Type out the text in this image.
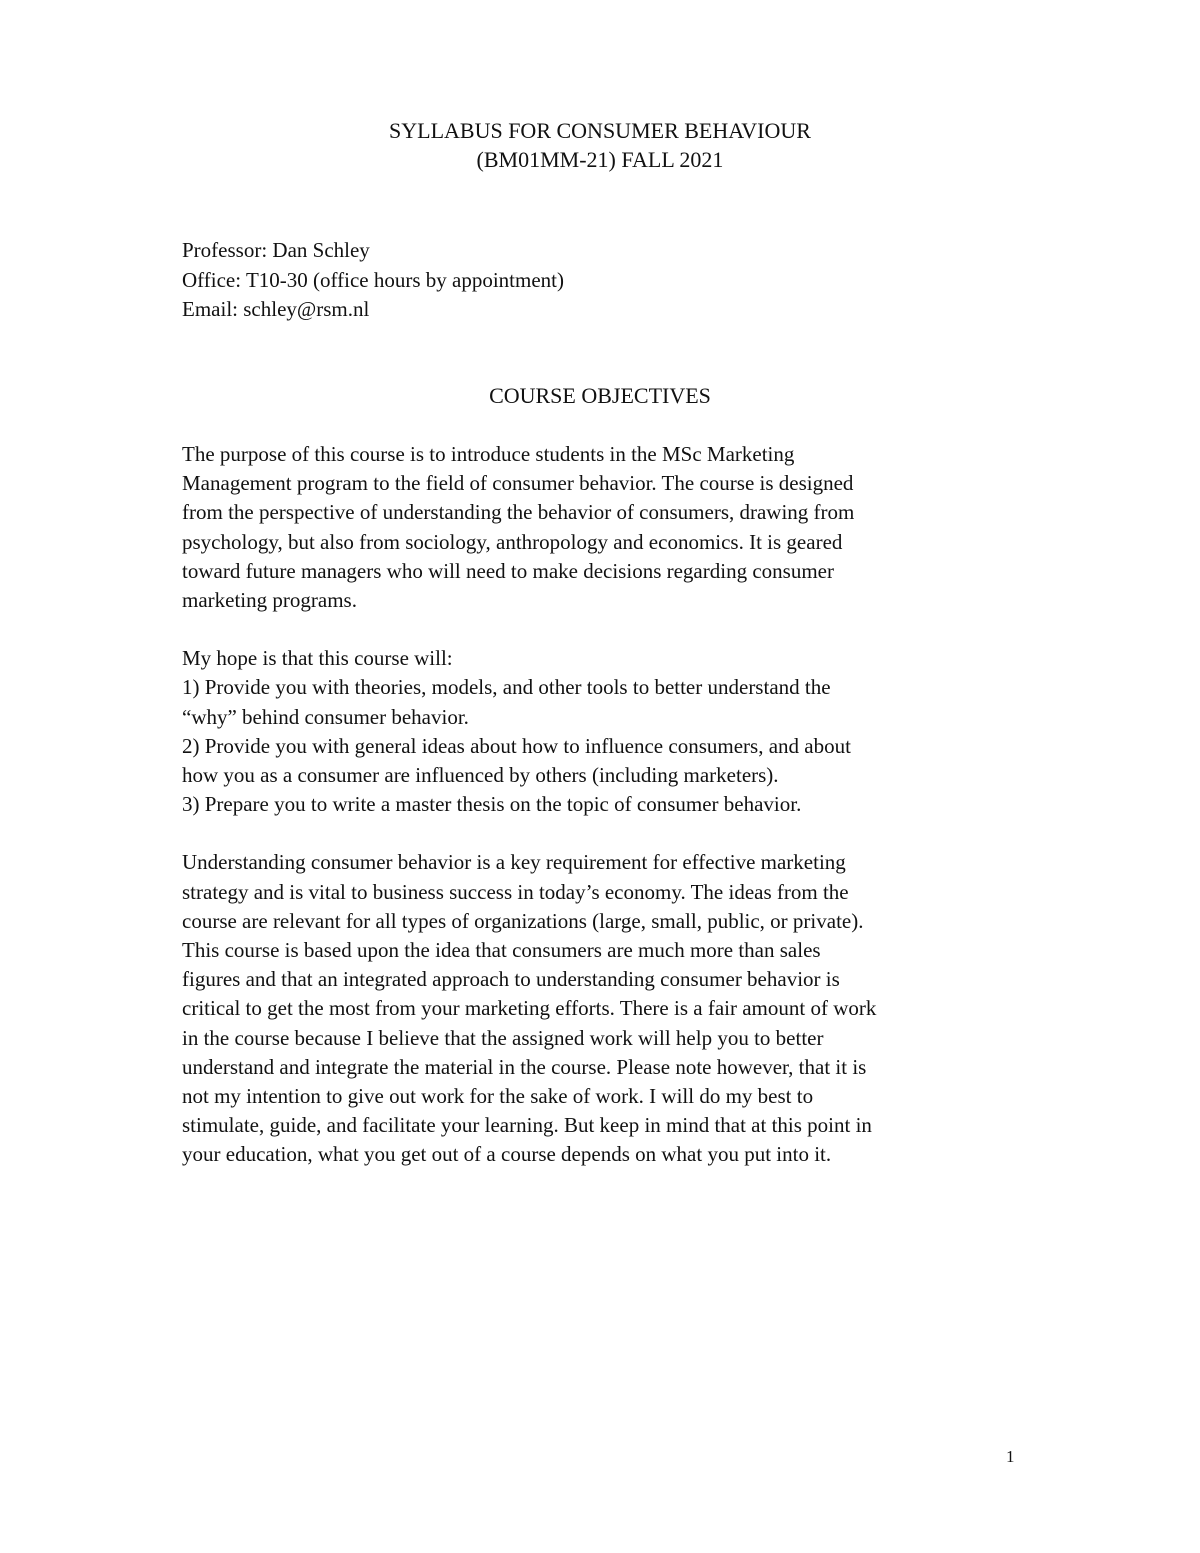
SYLLABUS FOR CONSUMER BEHAVIOUR
(BM01MM-21) FALL 2021
Professor: Dan Schley
Office: T10-30 (office hours by appointment)
Email: schley@rsm.nl
COURSE OBJECTIVES
The purpose of this course is to introduce students in the MSc Marketing
Management program to the field of consumer behavior. The course is designed
from the perspective of understanding the behavior of consumers, drawing from
psychology, but also from sociology, anthropology and economics. It is geared
toward future managers who will need to make decisions regarding consumer
marketing programs.
My hope is that this course will:
1) Provide you with theories, models, and other tools to better understand the
“why” behind consumer behavior.
2) Provide you with general ideas about how to influence consumers, and about
how you as a consumer are influenced by others (including marketers).
3) Prepare you to write a master thesis on the topic of consumer behavior.
Understanding consumer behavior is a key requirement for effective marketing
strategy and is vital to business success in today’s economy. The ideas from the
course are relevant for all types of organizations (large, small, public, or private).
This course is based upon the idea that consumers are much more than sales
figures and that an integrated approach to understanding consumer behavior is
critical to get the most from your marketing efforts. There is a fair amount of work
in the course because I believe that the assigned work will help you to better
understand and integrate the material in the course. Please note however, that it is
not my intention to give out work for the sake of work. I will do my best to
stimulate, guide, and facilitate your learning. But keep in mind that at this point in
your education, what you get out of a course depends on what you put into it.
1
